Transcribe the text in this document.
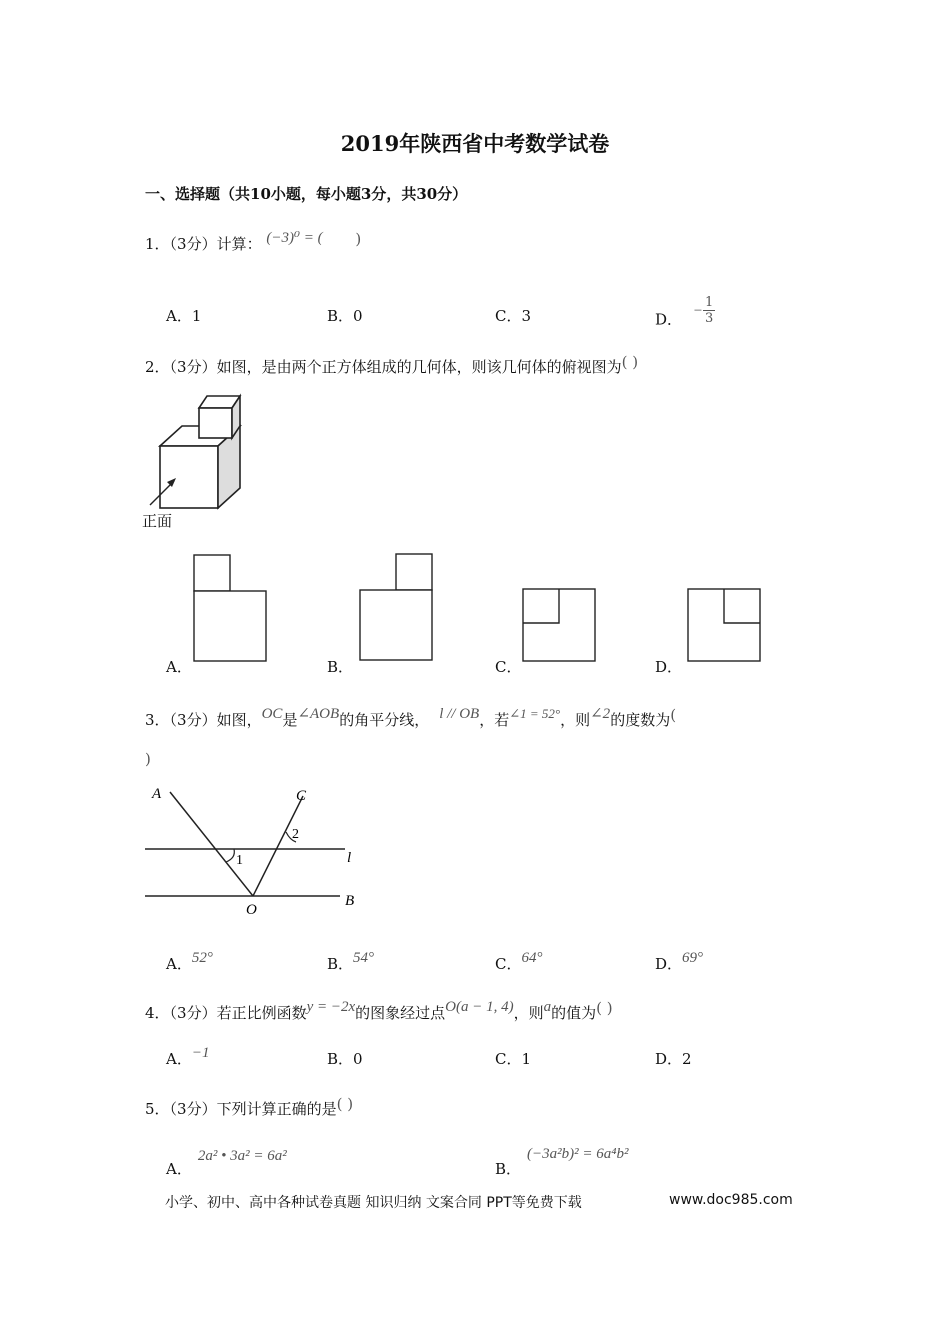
2019年陕西省中考数学试卷
一、选择题（共10小题，每小题3分，共30分）
1．（3分）计算： (−3)⁰ = ( )
A．1	B．0	C．3	D． − $\frac{1}{3}$
2．（3分）如图，是由两个正方体组成的几何体，则该几何体的俯视图为( )
正面
A．	B．	C．	D．
3．（3分）如图，OC是∠AOB的角平分线， l // OB，若∠1 = 52°，则∠2的度数为(
)
A	C
O
B
l
1
2
A．52°	B．54°	C．64°	D．69°
4．（3分）若正比例函数y = −2x的图象经过点O(a − 1, 4)，则a的值为( )
A．−1	B．0	C．1	D．2
5．（3分）下列计算正确的是( )
A．2a² • 3a² = 6a²
B．(−3a²b)² = 6a⁴b²
小学、初中、高中各种试卷真题 知识归纳 文案合同 PPT等免费下载	www.doc985.com
